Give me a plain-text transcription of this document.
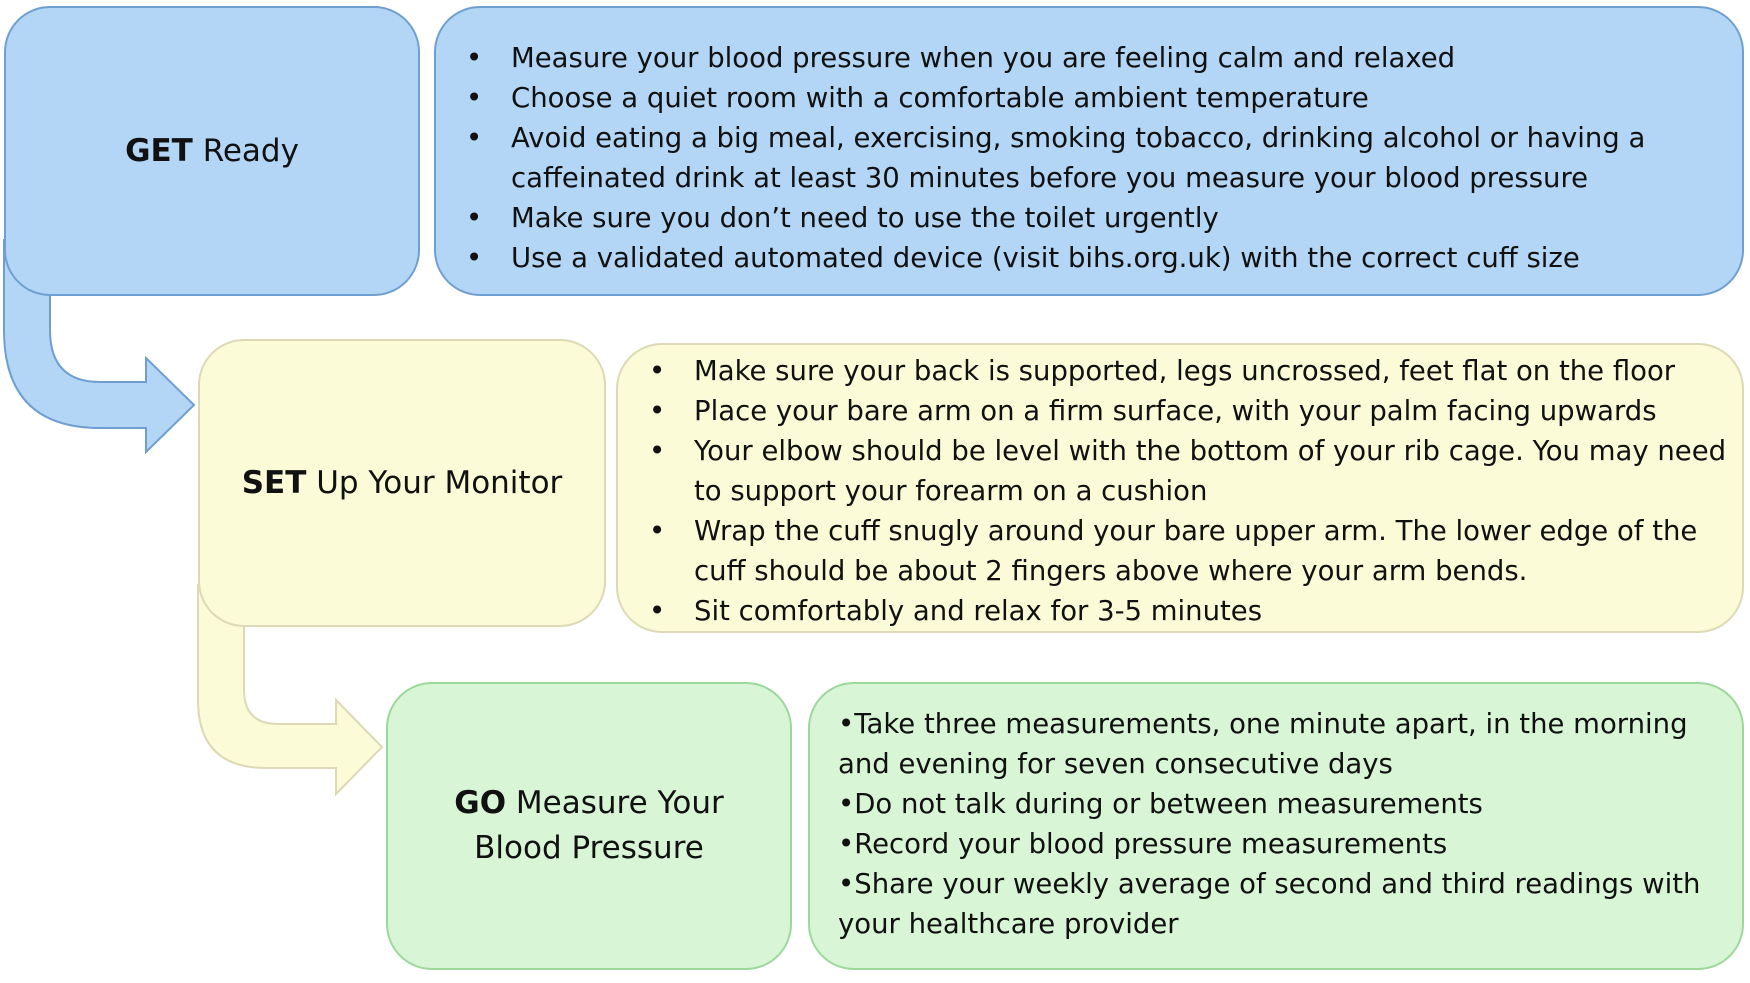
GET Ready
• Measure your blood pressure when you are feeling calm and relaxed
• Choose a quiet room with a comfortable ambient temperature
• Avoid eating a big meal, exercising, smoking tobacco, drinking alcohol or having a caffeinated drink at least 30 minutes before you measure your blood pressure
• Make sure you don’t need to use the toilet urgently
• Use a validated automated device (visit bihs.org.uk) with the correct cuff size
SET Up Your Monitor
• Make sure your back is supported, legs uncrossed, feet flat on the floor
• Place your bare arm on a firm surface, with your palm facing upwards
• Your elbow should be level with the bottom of your rib cage. You may need to support your forearm on a cushion
• Wrap the cuff snugly around your bare upper arm. The lower edge of the cuff should be about 2 fingers above where your arm bends.
• Sit comfortably and relax for 3-5 minutes
GO Measure Your
Blood Pressure
•Take three measurements, one minute apart, in the morning and evening for seven consecutive days
•Do not talk during or between measurements
•Record your blood pressure measurements
•Share your weekly average of second and third readings with your healthcare provider
